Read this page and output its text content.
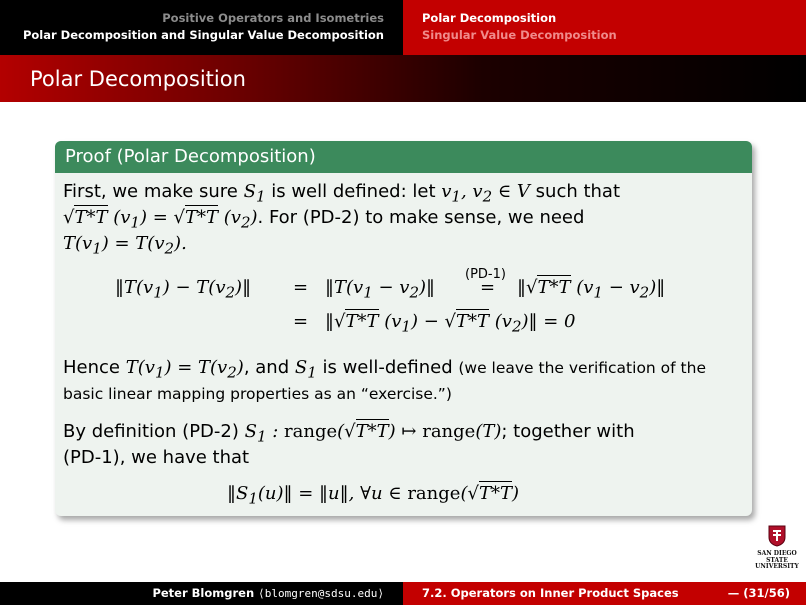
Positive Operators and Isometries
Polar Decomposition and Singular Value Decomposition
Polar Decomposition
Singular Value Decomposition
Polar Decomposition
Proof (Polar Decomposition)
First, we make sure $S_1$ is well defined: let $v_1$, $v_2$ ∈ V such that
√T*T $(v_1) = √T*T$ $(v_2)$. For (PD-2) to make sense, we need
$T(v_1) = T(v_2)$.
$‖T(v_1)$ − $T(v_2)‖$ = $‖T(v_1$ − $v_2)‖$
(PD-1)
= ‖√T*T ($v_1$ − $v_2)‖$
= ‖√T*T $(v_1) - √T*T$ $(v_2)‖ = 0$
Hence $T(v_1) = T(v_2)$, and $S_1$ is well-defined (we leave the verification of the
basic linear mapping properties as an “exercise.”)
By definition (PD-2) $S_1$ : range(√T*T) ↦ range(T); together with
(PD-1), we have that
$‖S_1(u)‖$ = ‖u‖, ∀u ∈ range(√T*T)
SAN DIEGO STATE
UNIVERSITY
Peter Blomgren ⟨blomgren@sdsu.edu⟩	7.2. Operators on Inner Product Spaces	— (31/56)
